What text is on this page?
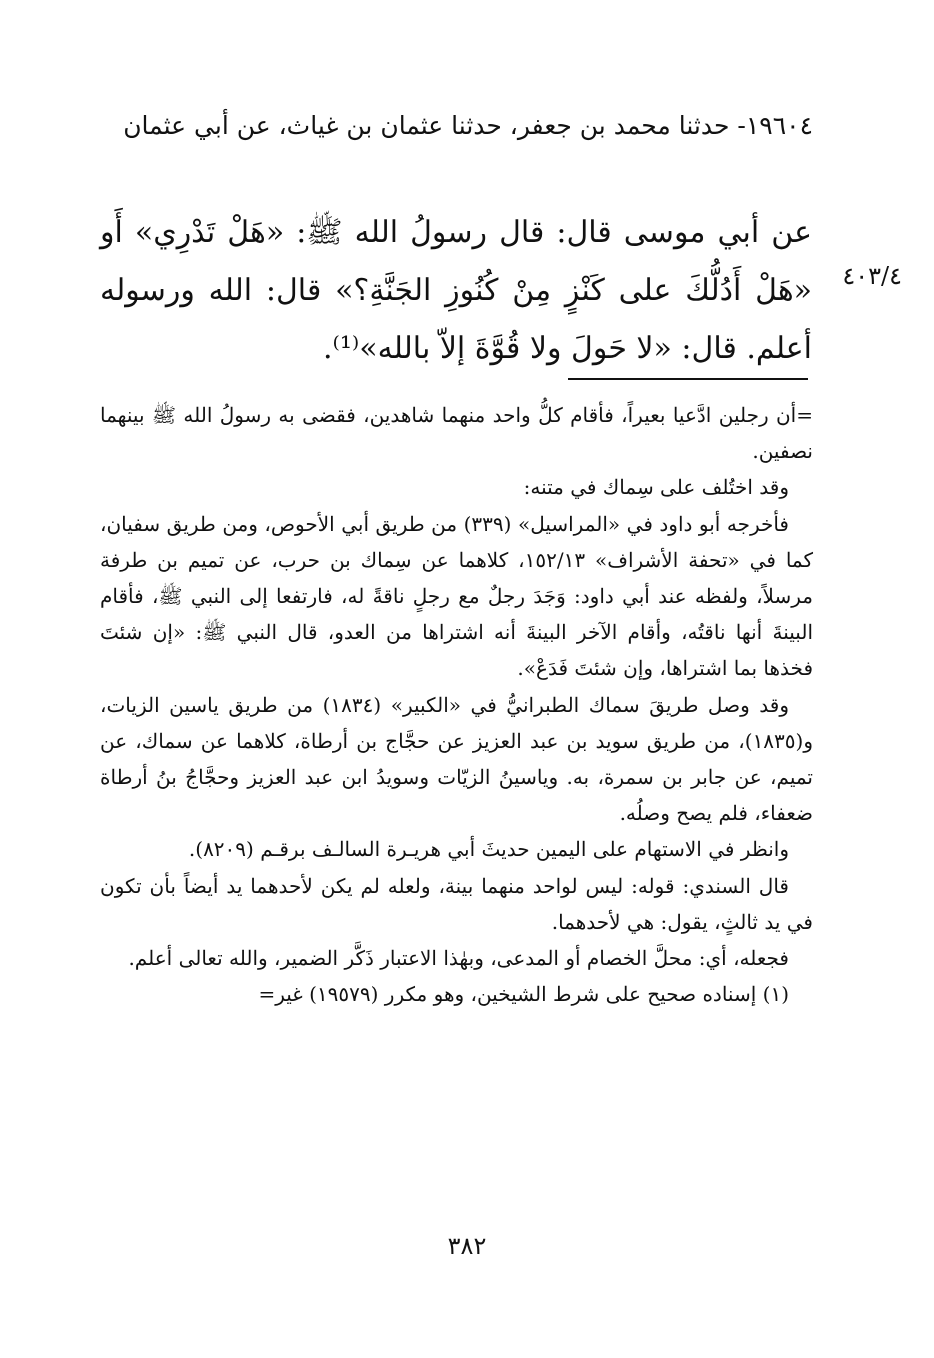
١٩٦٠٤- حدثنا محمد بن جعفر، حدثنا عثمان بن غياث، عن أبي عثمان
عن أبي موسى قال: قال رسولُ الله ﷺ: «هَلْ تَدْرِي» أَو «هَلْ أَدُلُّكَ على كَنْزٍ مِنْ كُنُوزِ الجَنَّةِ؟» قال: الله ورسوله أعلم. قال: «لا حَولَ ولا قُوَّةَ إلاّ بالله»⁽¹⁾.
٤٠٣/٤

=أن رجلين ادَّعيا بعيراً، فأقام كلُّ واحد منهما شاهدين، فقضى به رسولُ الله ﷺ بينهما نصفين.

وقد اختُلف على سِماك في متنه:

فأخرجه أبو داود في «المراسيل» (٣٣٩) من طريق أبي الأحوص، ومن طريق سفيان، كما في «تحفة الأشراف» ١٥٢/١٣، كلاهما عن سِماك بن حرب، عن تميم بن طرفة مرسلاً، ولفظه عند أبي داود: وَجَدَ رجلٌ مع رجلٍ ناقةً له، فارتفعا إلى النبي ﷺ، فأقام البينةَ أنها ناقتُه، وأقام الآخر البينةَ أنه اشتراها من العدو، قال النبي ﷺ: «إن شئتَ فخذها بما اشتراها، وإن شئتَ فَدَعْ».

وقد وصل طريقَ سماك الطبرانيُّ في «الكبير» (١٨٣٤) من طريق ياسين الزيات، و(١٨٣٥)، من طريق سويد بن عبد العزيز عن حجَّاج بن أرطاة، كلاهما عن سماك، عن تميم، عن جابر بن سمرة، به. وياسينُ الزيّات وسويدُ ابن عبد العزيز وحجَّاجُ بنُ أرطاة ضعفاء، فلم يصح وصلُه.

وانظر في الاستهام على اليمين حديثَ أبي هريـرة السالـف برقـم (٨٢٠٩).

قال السندي: قوله: ليس لواحد منهما بينة، ولعله لم يكن لأحدهما يد أيضاً بأن تكون في يد ثالثٍ، يقول: هي لأحدهما.

فجعله، أي: محلَّ الخصام أو المدعى، وبهٰذا الاعتبار ذَكَّر الضمير، والله تعالى أعلم.

(١) إسناده صحيح على شرط الشيخين، وهو مكرر (١٩٥٧٩) غير=

٣٨٢
